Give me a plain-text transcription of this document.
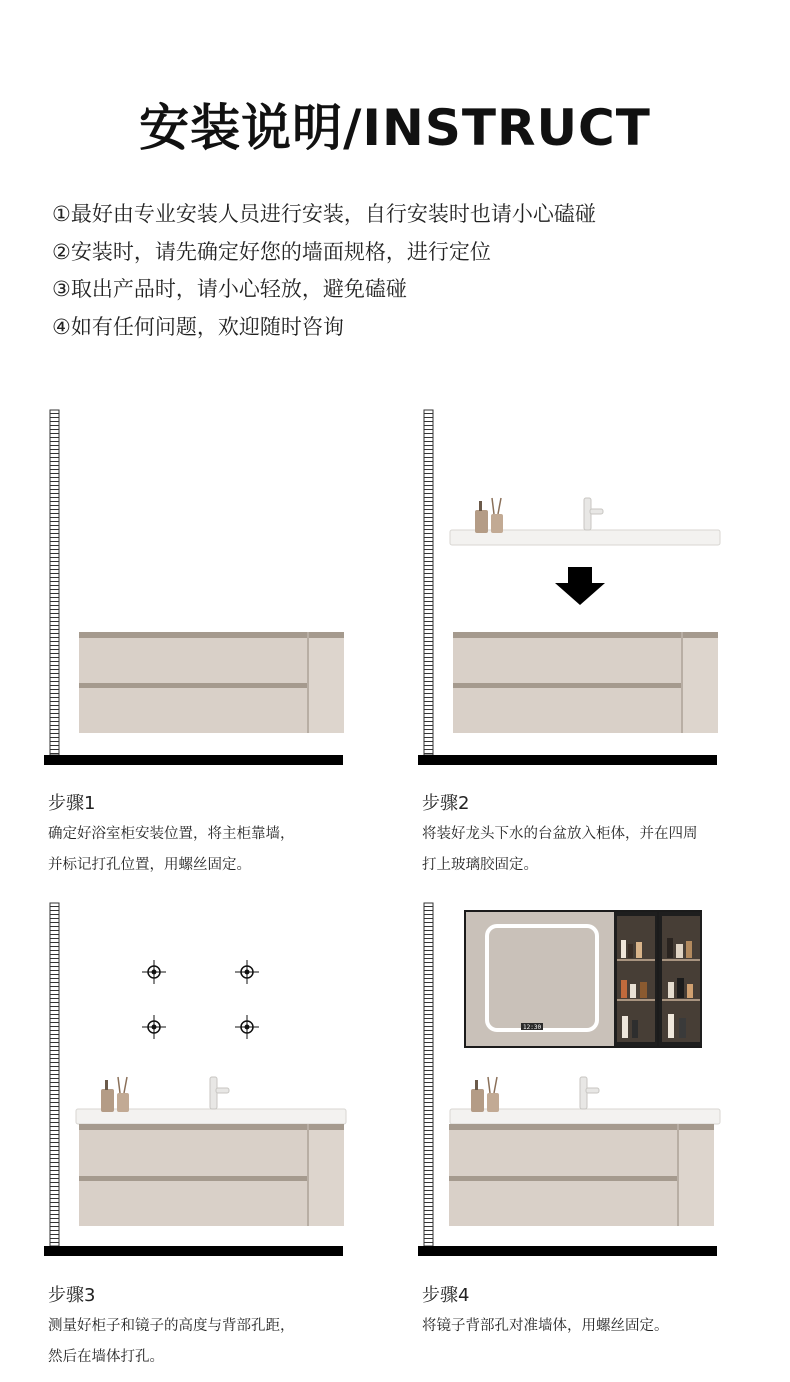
安装说明/INSTRUCT
①最好由专业安装人员进行安装，自行安装时也请小心磕碰
②安装时，请先确定好您的墙面规格，进行定位
③取出产品时，请小心轻放，避免磕碰
④如有任何问题，欢迎随时咨询
步骤1
确定好浴室柜安装位置，将主柜靠墙，
并标记打孔位置，用螺丝固定。
步骤2
将装好龙头下水的台盆放入柜体，并在四周
打上玻璃胶固定。
步骤3
测量好柜子和镜子的高度与背部孔距，
然后在墙体打孔。
12:30
步骤4
将镜子背部孔对准墙体，用螺丝固定。
